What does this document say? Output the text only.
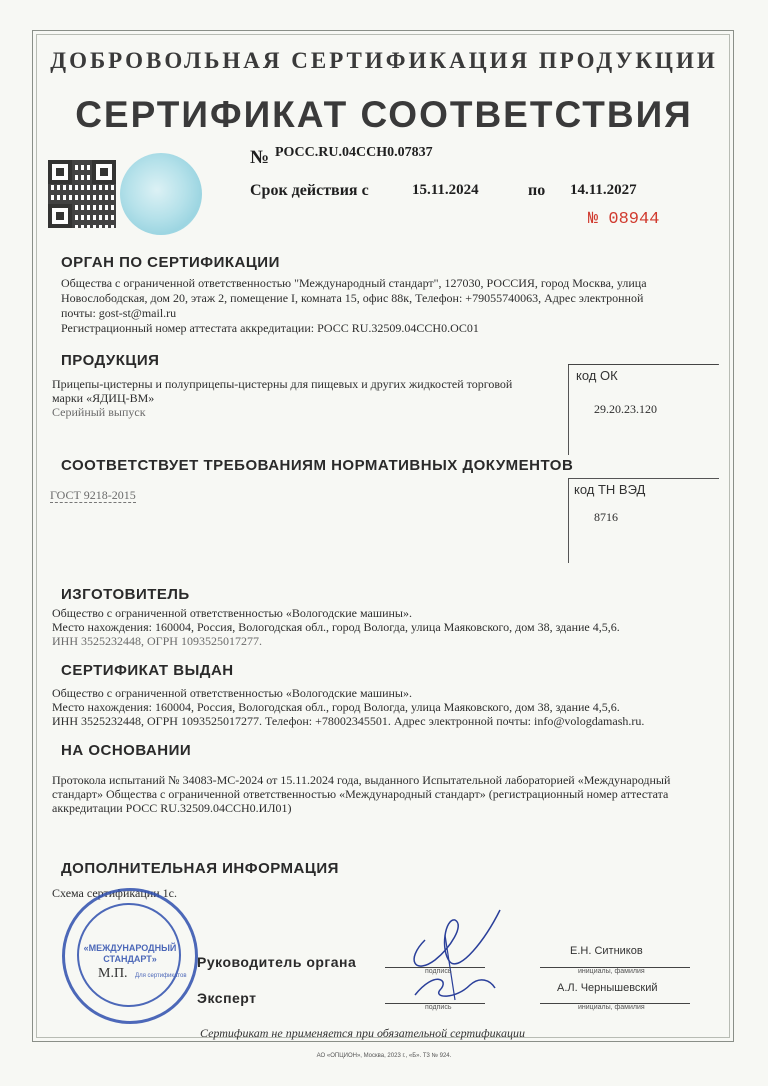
ДОБРОВОЛЬНАЯ СЕРТИФИКАЦИЯ ПРОДУКЦИИ
СЕРТИФИКАТ СООТВЕТСТВИЯ
№ РОСС.RU.04ССН0.07837
Срок действия с	15.11.2024	по 14.11.2027
№ 08944
ОРГАН ПО СЕРТИФИКАЦИИ
Общества с ограниченной ответственностью "Международный стандарт", 127030, РОССИЯ, город Москва, улица
Новослободская, дом 20, этаж 2, помещение I, комната 15, офис 88к, Телефон: +79055740063, Адрес электронной
почты: gost-st@mail.ru
Регистрационный номер аттестата аккредитации: РОСС RU.32509.04ССН0.ОС01
ПРОДУКЦИЯ
Прицепы-цистерны и полуприцепы-цистерны для пищевых и других жидкостей торговой
марки «ЯДИЦ-ВМ»
Серийный выпуск
код ОК
29.20.23.120
СООТВЕТСТВУЕТ ТРЕБОВАНИЯМ НОРМАТИВНЫХ ДОКУМЕНТОВ
ГОСТ 9218-2015	код ТН ВЭД
8716
ИЗГОТОВИТЕЛЬ
Общество с ограниченной ответственностью «Вологодские машины».
Место нахождения: 160004, Россия, Вологодская обл., город Вологда, улица Маяковского, дом 38, здание 4,5,6.
ИНН 3525232448, ОГРН 1093525017277.
СЕРТИФИКАТ ВЫДАН
Общество с ограниченной ответственностью «Вологодские машины».
Место нахождения: 160004, Россия, Вологодская обл., город Вологда, улица Маяковского, дом 38, здание 4,5,6.
ИНН 3525232448, ОГРН 1093525017277. Телефон: +78002345501. Адрес электронной почты: info@vologdamash.ru.
НА ОСНОВАНИИ
Протокола испытаний № 34083-МС-2024 от 15.11.2024 года, выданного Испытательной лабораторией «Международный
стандарт» Общества с ограниченной ответственностью «Международный стандарт» (регистрационный номер аттестата
аккредитации РОСС RU.32509.04ССН0.ИЛ01)
ДОПОЛНИТЕЛЬНАЯ ИНФОРМАЦИЯ
Схема сертификации 1с.
«МЕЖДУНАРОДНЫЙ СТАНДАРТ»
Для сертификатов
М.П.
Руководитель органа
Эксперт
подпись
подпись
Е.Н. Ситников
инициалы, фамилия
А.Л. Чернышевский
инициалы, фамилия
Сертификат не применяется при обязательной сертификации
АО «ОПЦИОН», Москва, 2023 г., «Б». Т3 № 924.
